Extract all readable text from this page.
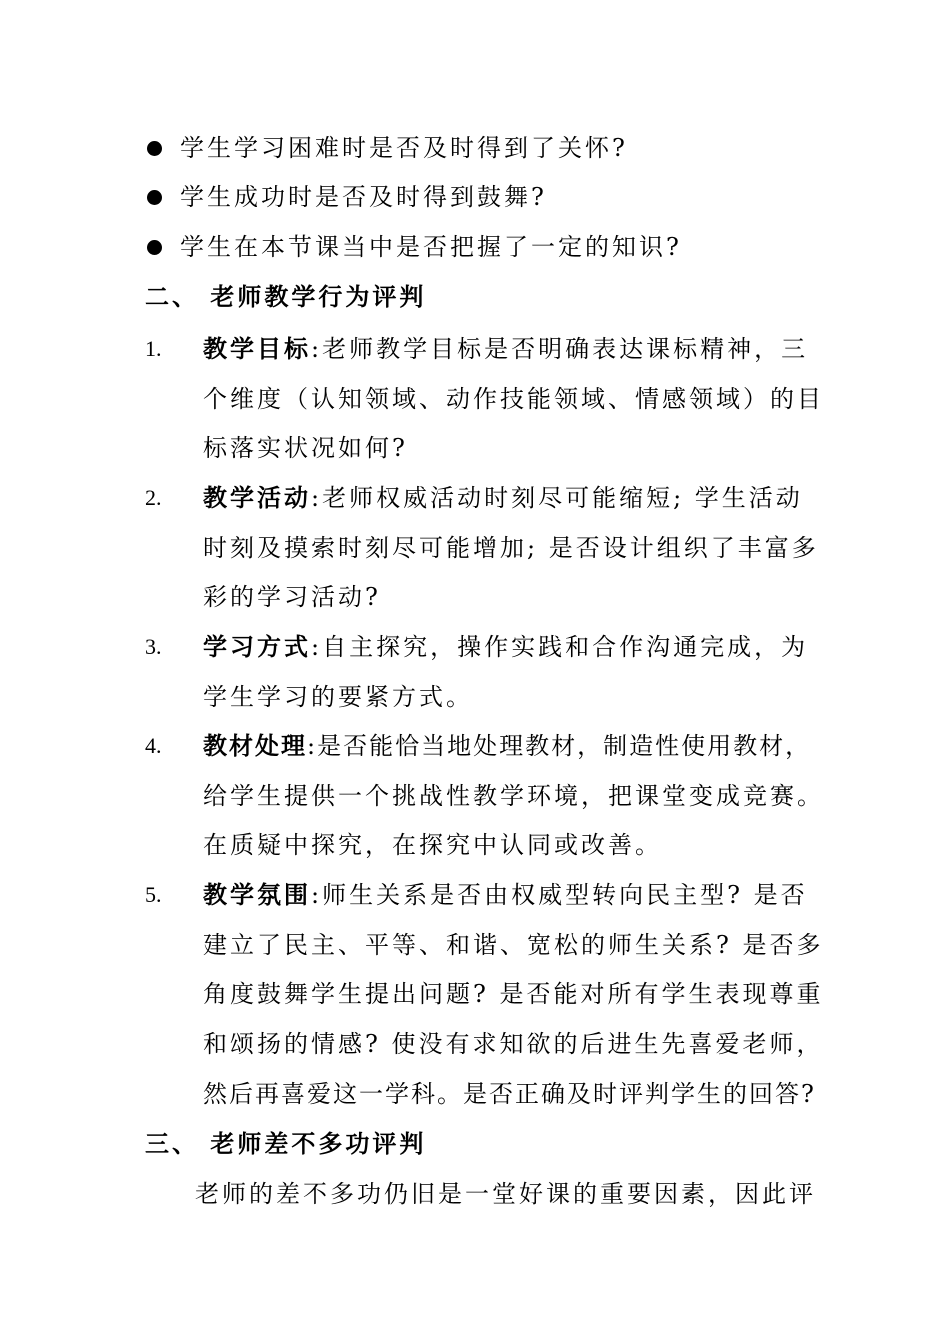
学生学习困难时是否及时得到了关怀?
学生成功时是否及时得到鼓舞?
学生在本节课当中是否把握了一定的知识?
二、 老师教学行为评判
1. 教学目标:老师教学目标是否明确表达课标精神，三
个维度（认知领域、动作技能领域、情感领域）的目
标落实状况如何?
2. 教学活动:老师权威活动时刻尽可能缩短; 学生活动
时刻及摸索时刻尽可能增加; 是否设计组织了丰富多
彩的学习活动?
3. 学习方式:自主探究，操作实践和合作沟通完成，为
学生学习的要紧方式。
4. 教材处理:是否能恰当地处理教材，制造性使用教材，
给学生提供一个挑战性教学环境，把课堂变成竞赛。
在质疑中探究，在探究中认同或改善。
5. 教学氛围:师生关系是否由权威型转向民主型? 是否
建立了民主、平等、和谐、宽松的师生关系? 是否多
角度鼓舞学生提出问题? 是否能对所有学生表现尊重
和颂扬的情感? 使没有求知欲的后进生先喜爱老师，
然后再喜爱这一学科。是否正确及时评判学生的回答?
三、 老师差不多功评判
老师的差不多功仍旧是一堂好课的重要因素，因此评
